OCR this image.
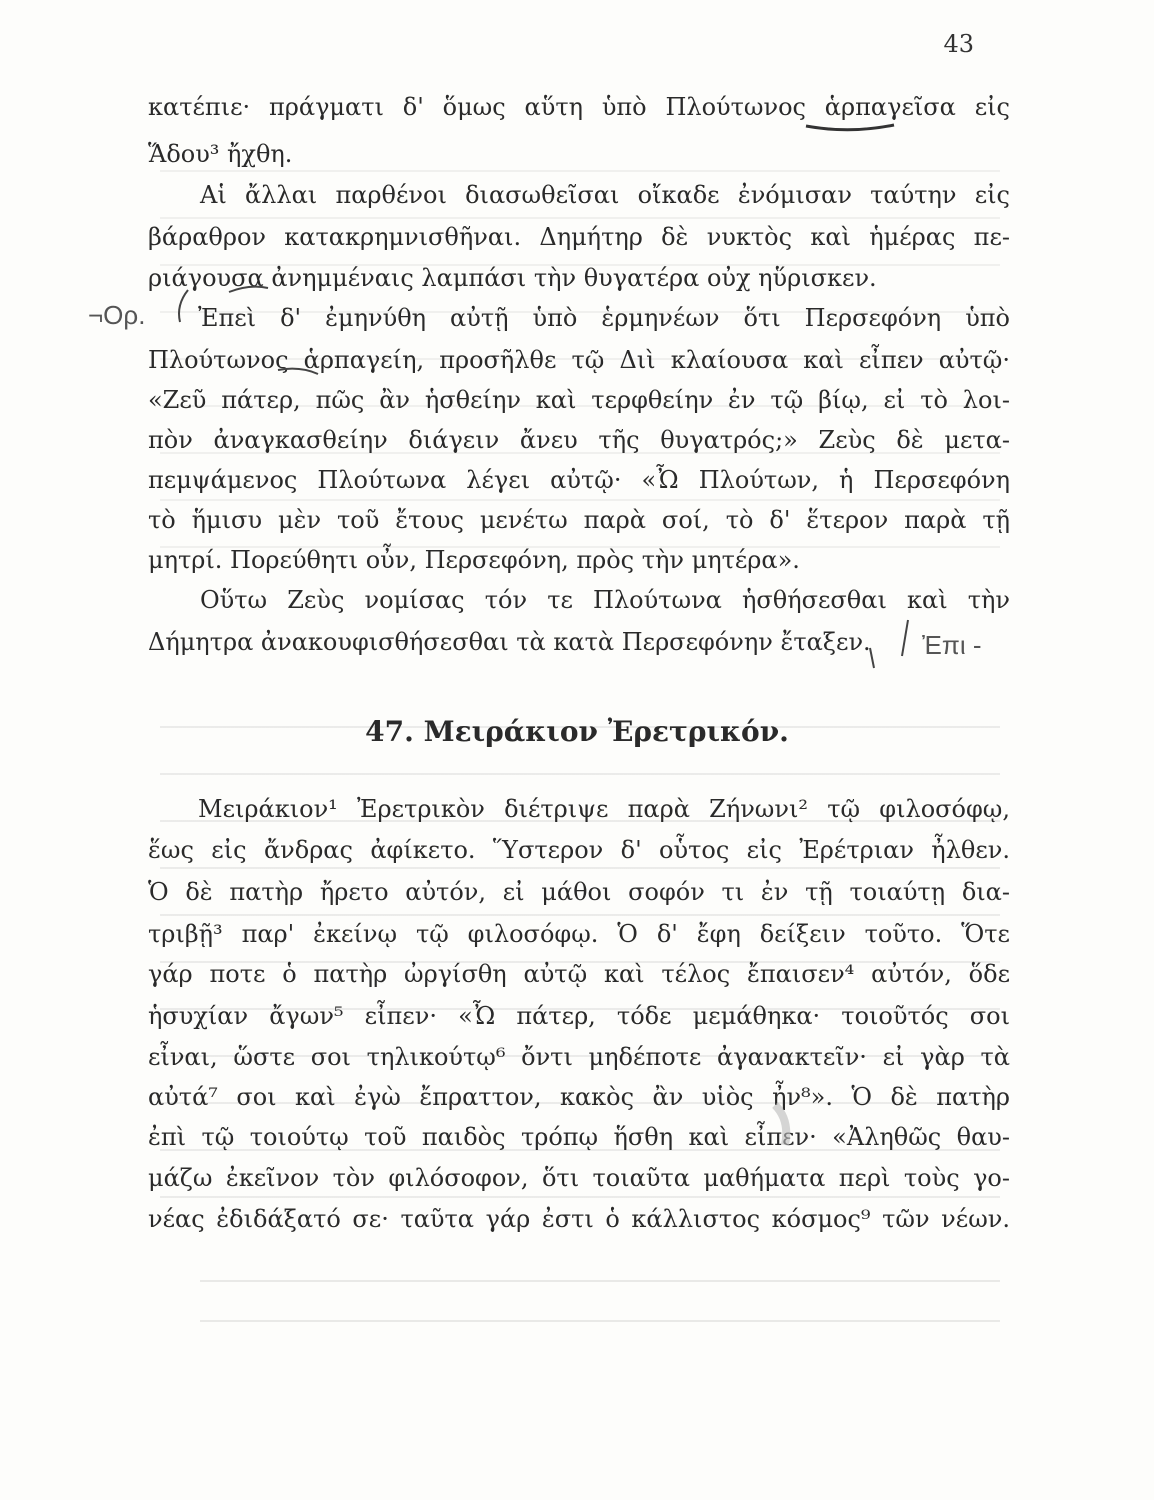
43
κατέπιε· πράγματι δ' ὅμως αὕτη ὑπὸ Πλούτωνος ἁρπαγεῖσα εἰς
Ἅδου³ ἤχθη.
Αἱ ἄλλαι παρθένοι διασωθεῖσαι οἴκαδε ἐνόμισαν ταύτην εἰς
βάραθρον κατακρημνισθῆναι. Δημήτηρ δὲ νυκτὸς καὶ ἡμέρας πε-
ριάγουσα ἀνημμέναις λαμπάσι τὴν θυγατέρα οὐχ ηὕρισκεν.
Ἐπεὶ δ' ἐμηνύθη αὐτῇ ὑπὸ ἑρμηνέων ὅτι Περσεφόνη ὑπὸ
Πλούτωνος ἁρπαγείη, προσῆλθε τῷ Διὶ κλαίουσα καὶ εἶπεν αὐτῷ·
«Ζεῦ πάτερ, πῶς ἂν ἡσθείην καὶ τερφθείην ἐν τῷ βίῳ, εἰ τὸ λοι-
πὸν ἀναγκασθείην διάγειν ἄνευ τῆς θυγατρός;» Ζεὺς δὲ μετα-
πεμψάμενος Πλούτωνα λέγει αὐτῷ· «Ὦ Πλούτων, ἡ Περσεφόνη
τὸ ἥμισυ μὲν τοῦ ἔτους μενέτω παρὰ σοί, τὸ δ' ἕτερον παρὰ τῇ
μητρί. Πορεύθητι οὖν, Περσεφόνη, πρὸς τὴν μητέρα».
Οὕτω Ζεὺς νομίσας τόν τε Πλούτωνα ἡσθήσεσθαι καὶ τὴν
Δήμητρα ἀνακουφισθήσεσθαι τὰ κατὰ Περσεφόνην ἔταξεν.
47. Μειράκιον Ἐρετρικόν.
Μειράκιον¹ Ἐρετρικὸν διέτριψε παρὰ Ζήνωνι² τῷ φιλοσόφῳ,
ἕως εἰς ἄνδρας ἀφίκετο. Ὕστερον δ' οὗτος εἰς Ἐρέτριαν ἦλθεν.
Ὁ δὲ πατὴρ ἤρετο αὐτόν, εἰ μάθοι σοφόν τι ἐν τῇ τοιαύτῃ δια-
τριβῇ³ παρ' ἐκείνῳ τῷ φιλοσόφῳ. Ὁ δ' ἔφη δείξειν τοῦτο. Ὅτε
γάρ ποτε ὁ πατὴρ ὠργίσθη αὐτῷ καὶ τέλος ἔπαισεν⁴ αὐτόν, ὅδε
ἡσυχίαν ἄγων⁵ εἶπεν· «Ὦ πάτερ, τόδε μεμάθηκα· τοιοῦτός σοι
εἶναι, ὥστε σοι τηλικούτῳ⁶ ὄντι μηδέποτε ἀγανακτεῖν· εἰ γὰρ τὰ
αὐτά⁷ σοι καὶ ἐγὼ ἔπραττον, κακὸς ἂν υἱὸς ἦν⁸». Ὁ δὲ πατὴρ
ἐπὶ τῷ τοιούτῳ τοῦ παιδὸς τρόπῳ ἥσθη καὶ εἶπεν· «Ἀληθῶς θαυ-
μάζω ἐκεῖνον τὸν φιλόσοφον, ὅτι τοιαῦτα μαθήματα περὶ τοὺς γο-
νέας ἐδιδάξατό σε· ταῦτα γάρ ἐστι ὁ κάλλιστος κόσμος⁹ τῶν νέων.
¬Ορ.
Ἐπι -
